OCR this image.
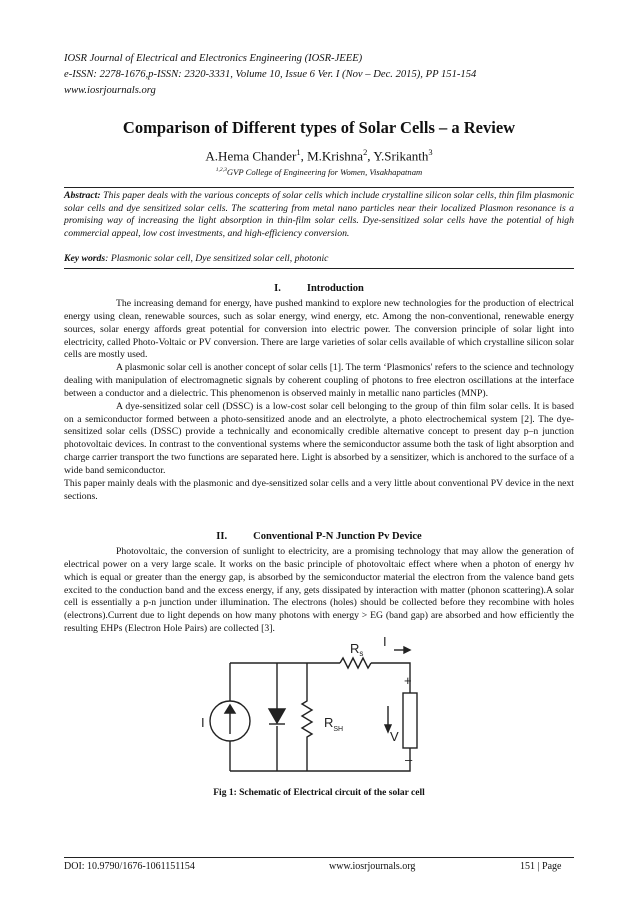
IOSR Journal of Electrical and Electronics Engineering (IOSR-JEEE)
e-ISSN: 2278-1676,p-ISSN: 2320-3331, Volume 10, Issue 6 Ver. I (Nov – Dec. 2015), PP 151-154
www.iosrjournals.org
Comparison of Different types of Solar Cells – a Review
A.Hema Chander$^1$, M.Krishna$^2$, Y.Srikanth$^3$
$^{1,2,3}$GVP College of Engineering for Women, Visakhapatnam
Abstract: This paper deals with the various concepts of solar cells which include crystalline silicon solar cells, thin film plasmonic solar cells and dye sensitized solar cells. The scattering from metal nano particles near their localized Plasmon resonance is a promising way of increasing the light absorption in thin-film solar cells. Dye-sensitized solar cells have the potential of high commercial appeal, low cost investments, and high-efficiency conversion.
Key words: Plasmonic solar cell, Dye sensitized solar cell, photonic
I. Introduction

The increasing demand for energy, have pushed mankind to explore new technologies for the production of electrical energy using clean, renewable sources, such as solar energy, wind energy, etc. Among the non-conventional, renewable energy sources, solar energy affords great potential for conversion into electric power. The conversion principle of solar light into electricity, called Photo-Voltaic or PV conversion. There are large varieties of solar cells available of which crystalline silicon solar cells are mostly used.

A plasmonic solar cell is another concept of solar cells [1]. The term ‘Plasmonics' refers to the science and technology dealing with manipulation of electromagnetic signals by coherent coupling of photons to free electron oscillations at the interface between a conductor and a dielectric. This phenomenon is observed mainly in metallic nano particles (MNP).

A dye-sensitized solar cell (DSSC) is a low-cost solar cell belonging to the group of thin film solar cells. It is based on a semiconductor formed between a photo-sensitized anode and an electrolyte, a photo electrochemical system [2]. The dye-sensitized solar cells (DSSC) provide a technically and economically credible alternative concept to present day p–n junction photovoltaic devices. In contrast to the conventional systems where the semiconductor assume both the task of light absorption and charge carrier transport the two functions are separated here. Light is absorbed by a sensitizer, which is anchored to the surface of a wide band semiconductor.

This paper mainly deals with the plasmonic and dye-sensitized solar cells and a very little about conventional PV device in the next sections.

II. Conventional P-N Junction Pv Device

Photovoltaic, the conversion of sunlight to electricity, are a promising technology that may allow the generation of electrical power on a very large scale. It works on the basic principle of photovoltaic effect where when a photon of energy hv which is equal or greater than the energy gap, is absorbed by the semiconductor material the electron from the valence band gets excited to the conduction band and the excess energy, if any, gets dissipated by interaction with matter (phonon scattering).A solar cell is essentially a p-n junction under illumination. The electrons (holes) should be collected before they recombine with holes (electrons).Current due to light depends on how many photons with energy > EG (band gap) are absorbed and how efficiently the resulting EHPs (Electron Hole Pairs) are collected [3].

I
$R_s$
I
+
$R_{SH}$	V
–
Fig 1: Schematic of Electrical circuit of the solar cell
DOI: 10.9790/1676-1061151154	www.iosrjournals.org	151 | Page
